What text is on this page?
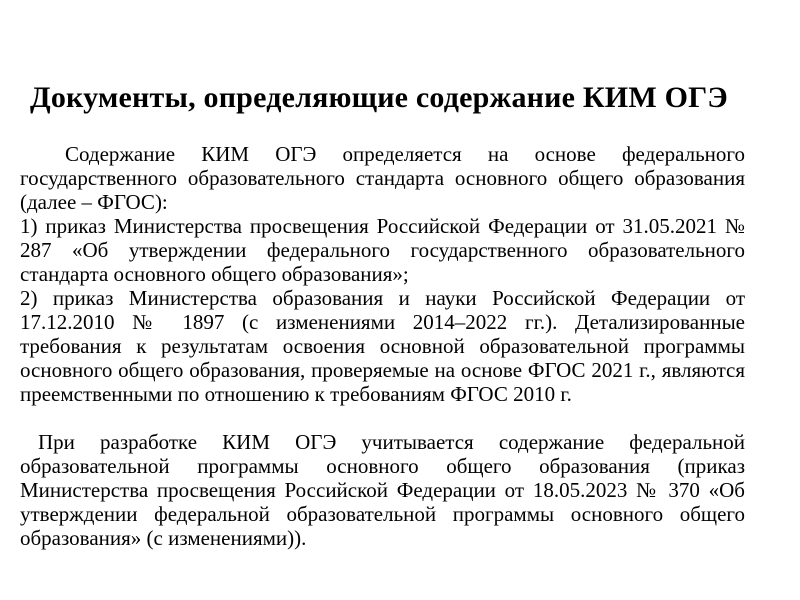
Документы, определяющие содержание КИМ ОГЭ

Содержание КИМ ОГЭ определяется на основе федерального государственного образовательного стандарта основного общего образования (далее – ФГОС):

1) приказ Министерства просвещения Российской Федерации от 31.05.2021 № 287 «Об утверждении федерального государственного образовательного стандарта основного общего образования»;

2) приказ Министерства образования и науки Российской Федерации от 17.12.2010 № 1897 (с изменениями 2014–2022 гг.). Детализированные требования к результатам освоения основной образовательной программы основного общего образования, проверяемые на основе ФГОС 2021 г., являются преемственными по отношению к требованиям ФГОС 2010 г.

При разработке КИМ ОГЭ учитывается содержание федеральной образовательной программы основного общего образования (приказ Министерства просвещения Российской Федерации от 18.05.2023 № 370 «Об утверждении федеральной образовательной программы основного общего образования» (с изменениями)).
